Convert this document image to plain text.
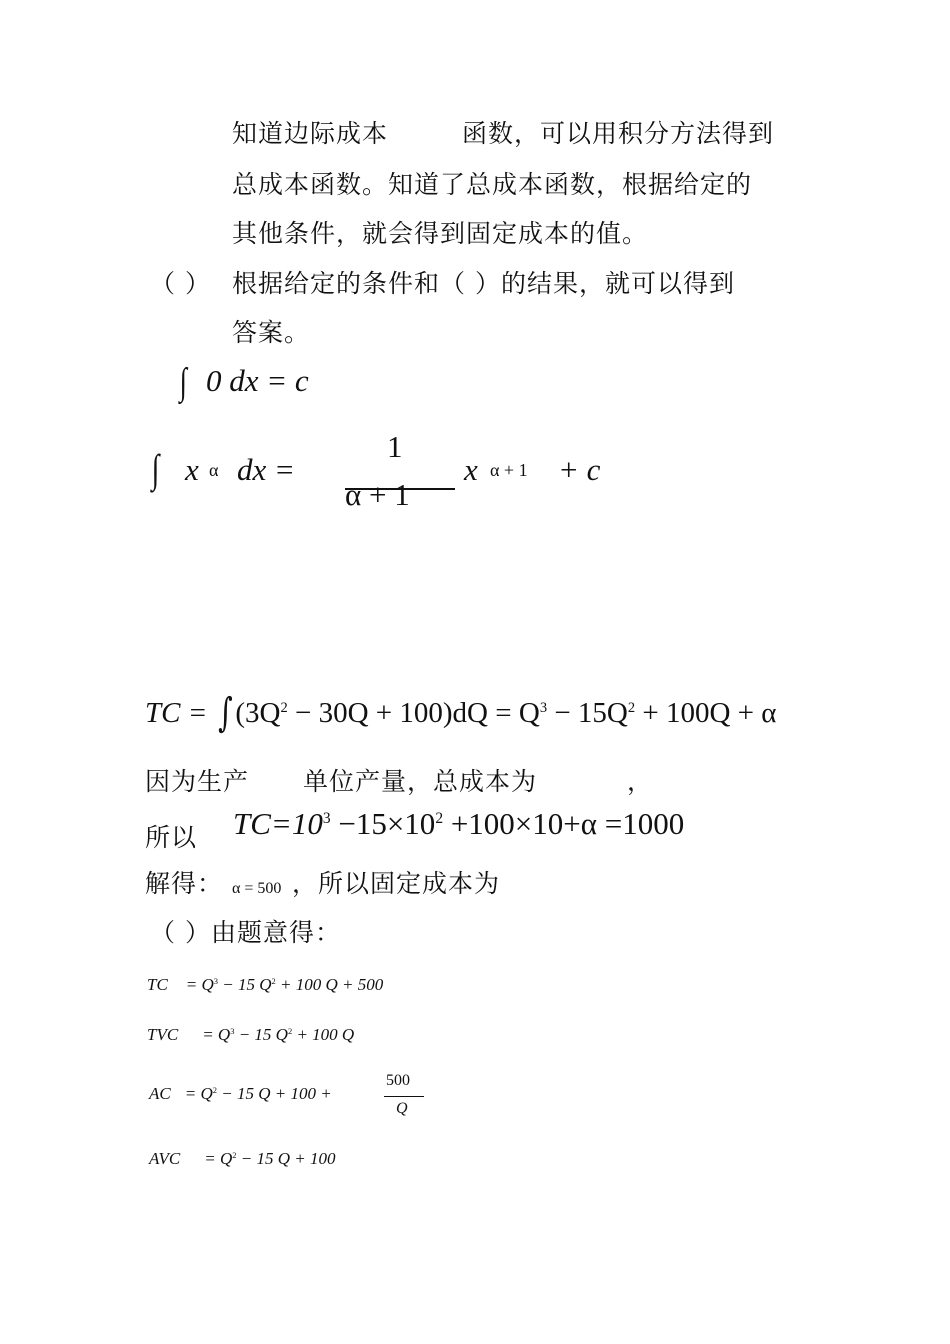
知道边际成本	函数，可以用积分方法得到
总成本函数。知道了总成本函数，根据给定的
其他条件，就会得到固定成本的值。
（ ） 根据给定的条件和（ ）的结果，就可以得到
答案。
∫ 0 dx = c
∫ x α dx =
1
α + 1
x α + 1 + c
TC = ∫ $(3Q^2 - 30Q + 100)dQ = Q^3 - 15Q^2 + 100Q + \alpha$
因为生产 单位产量，总成本为	，
所以 $TC=10^3 -15\times 10^2 +100\times 10+\alpha =1000$
解得： α = 500 ，所以固定成本为
（ ）由题意得：
TC = $Q^3 - 15$ $Q^2 + 100$ Q + 500
TVC = $Q^3 - 15$ $Q^2 + 100$ Q
AC = $Q^2 - 15$ Q + 100 +
500
Q
AVC = $Q^2 - 15$ Q + 100
